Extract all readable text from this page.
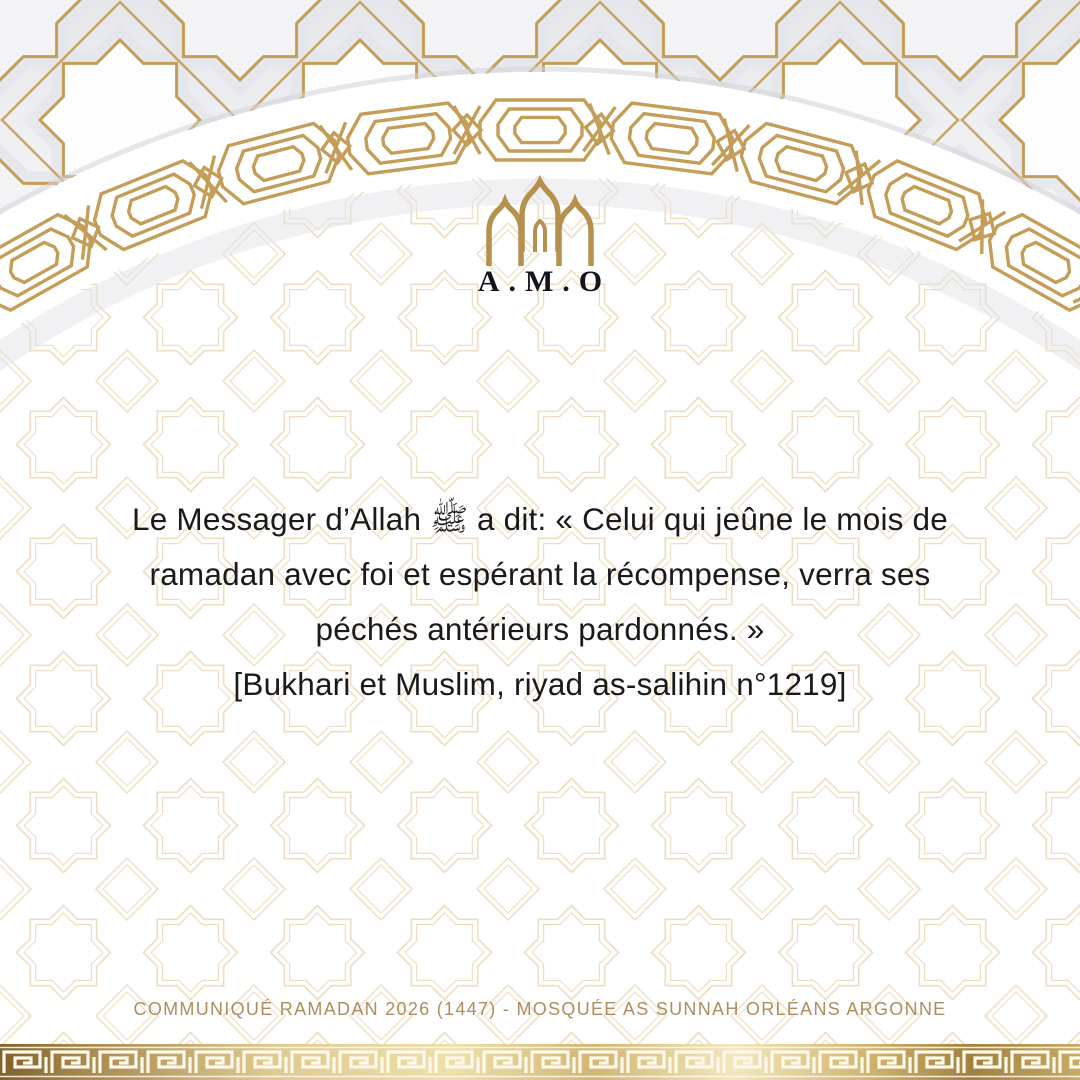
A.M.O
Le Messager d’Allah ﷺ a dit: « Celui qui jeûne le mois de
ramadan avec foi et espérant la récompense, verra ses
péchés antérieurs pardonnés. »
[Bukhari et Muslim, riyad as-salihin n°1219]
COMMUNIQUÉ RAMADAN 2026 (1447) - MOSQUÉE AS SUNNAH ORLÉANS ARGONNE
